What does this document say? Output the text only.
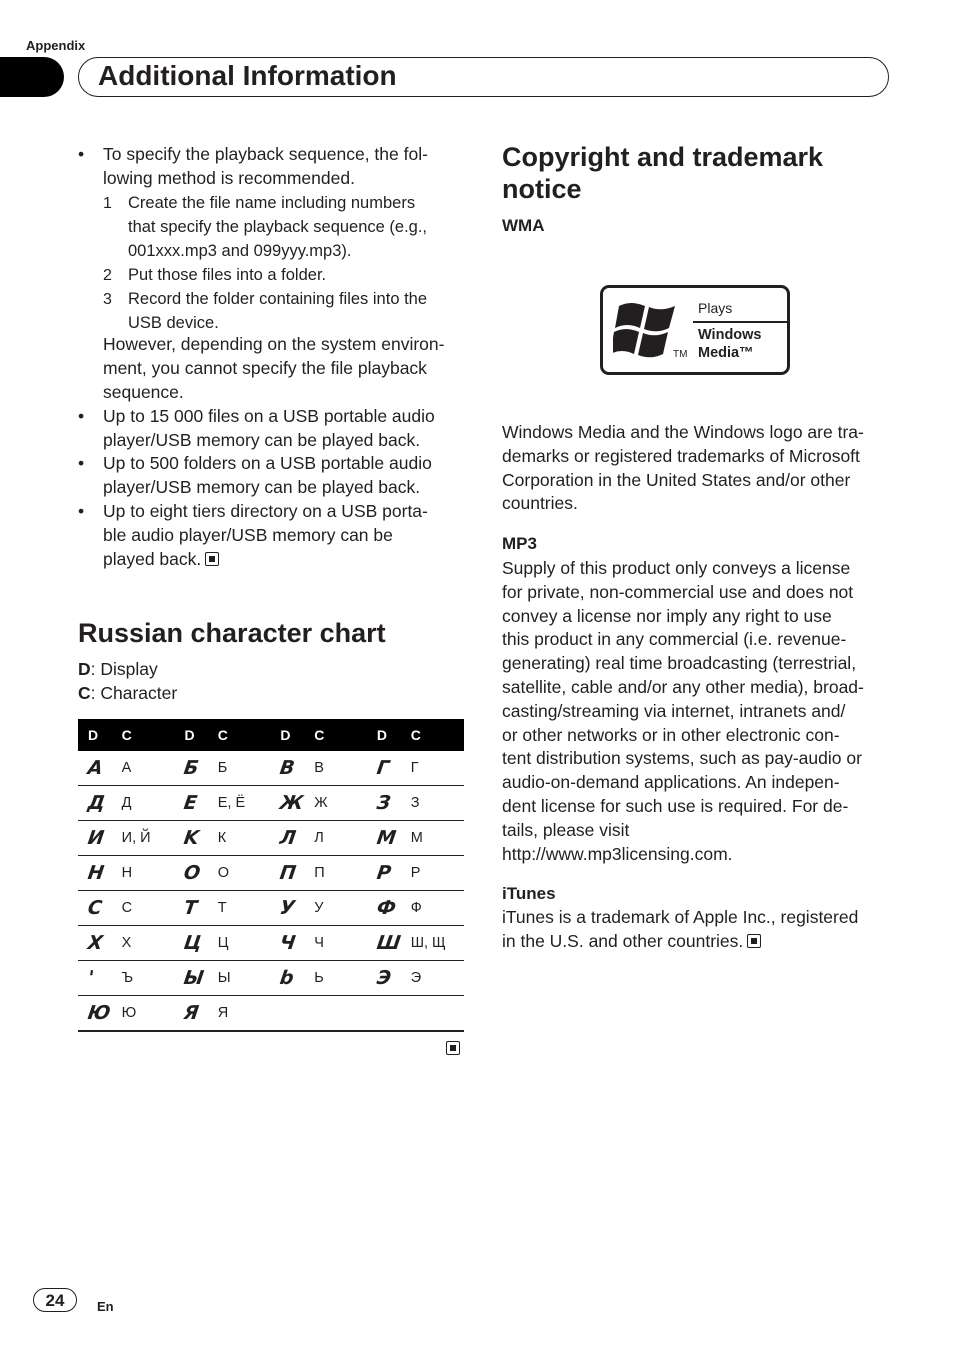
Appendix
Additional Information
•	To specify the playback sequence, the fol-
lowing method is recommended.
1 Create the file name including numbers
that specify the playback sequence (e.g.,
001xxx.mp3 and 099yyy.mp3).
2 Put those files into a folder.
3 Record the folder containing files into the
USB device.
However, depending on the system environ-
ment, you cannot specify the file playback
sequence.
• Up to 15 000 files on a USB portable audio
player/USB memory can be played back.
• Up to 500 folders on a USB portable audio
player/USB memory can be played back.
• Up to eight tiers directory on a USB porta-
ble audio player/USB memory can be
played back.
Russian character chart
D: Display
C: Character
D	C	D	C	D	C	D	C
A	А	Б	Б	B	В	Г	Г
Д	Д	E	Е, Ё	Ж	Ж	З	З
И	И, Й	K	К	Л	Л	M	М
H	Н	O	О	П	П	P	Р
C	С	T	Т	У	У	Ф	Ф
X	Х	Ц	Ц	Ч	Ч	Ш	Ш, Щ
'	Ъ	Ы	Ы	b	Ь	Э	Э
Ю	Ю	Я	Я				
Copyright and trademark notice
WMA
Plays
Windows
Media™
TM
Windows Media and the Windows logo are tra-
demarks or registered trademarks of Microsoft
Corporation in the United States and/or other
countries.
MP3
Supply of this product only conveys a license
for private, non-commercial use and does not
convey a license nor imply any right to use
this product in any commercial (i.e. revenue-
generating) real time broadcasting (terrestrial,
satellite, cable and/or any other media), broad-
casting/streaming via internet, intranets and/
or other networks or in other electronic con-
tent distribution systems, such as pay-audio or
audio-on-demand applications. An indepen-
dent license for such use is required. For de-
tails, please visit
http://www.mp3licensing.com.
iTunes
iTunes is a trademark of Apple Inc., registered
in the U.S. and other countries.
24	En
